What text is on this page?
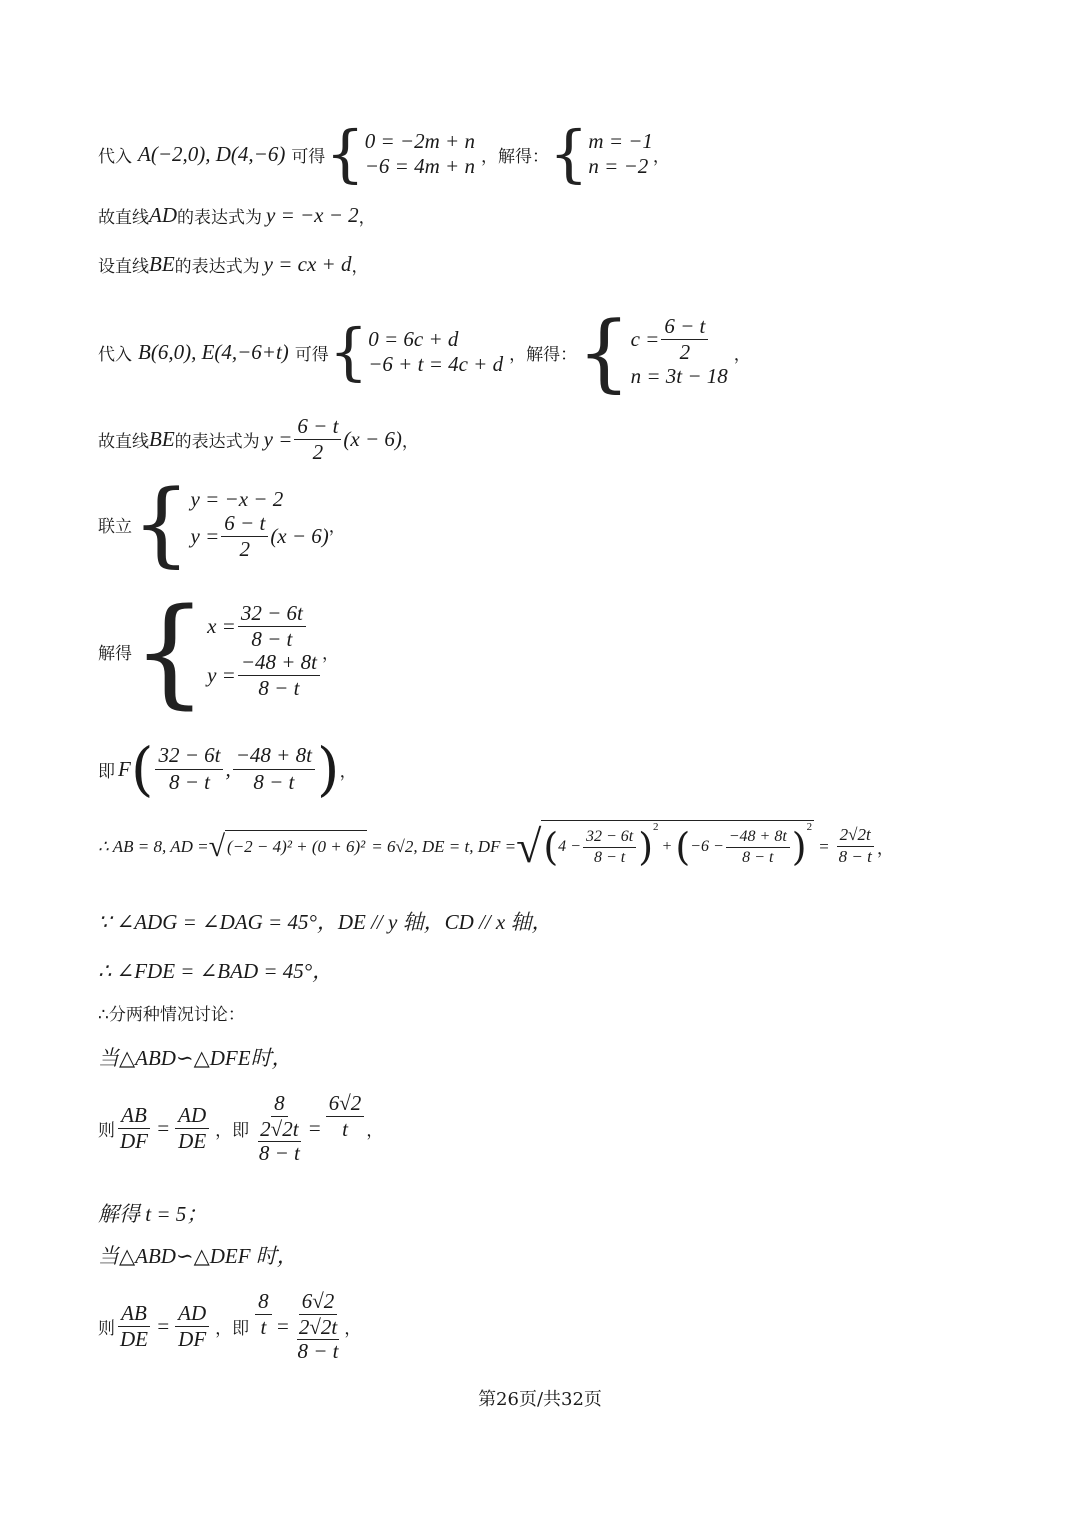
代入 A(−2,0), D(4,−6) 可得 { 0 = −2m + n
−6 = 4m + n ，解得： { m = −1
n = −2 ，
故直线 AD 的表达式为 y = −x − 2 ，
设直线 BE 的表达式为 y = cx + d ，
代入 B(6,0), E(4,−6+t) 可得 { 0 = 6c + d
−6 + t = 4c + d ，解得： { $c = \frac{6 - t}{2}$
n = 3t − 18
，
故直线 BE 的表达式为 $y = \frac{6 - t}{2} (x - 6)$ ，
联立 { y = −x − 2
$y = \frac{6 - t}{2} (x - 6)$ ，
解得 { $x = \frac{32 - 6t}{8 - t}$
$y = \frac{-48 + 8t}{8 - t}$ ，
即 F ( $\frac{32 - 6t}{8 - t}$ , $\frac{-48 + 8t}{8 - t}$ ) ，
∴ AB = 8, AD = √ (−2 − 4)² + (0 + 6)² = 6√2, DE = t, DF = √ ( $4 - \frac{32 - 6t}{8 - t} )^2$
+ ( $-6 - \frac{-48 + 8t}{8 - t} )^2$
= $\frac{2√2t}{8 - t}$ ，
∵ ∠ADG = ∠DAG = 45°，DE // y 轴，CD // x 轴，
∴ ∠FDE = ∠BAD = 45°，
∴分两种情况讨论：
当△ABD∽△DFE时，
则 $\frac{AB}{DF} = \frac{AD}{DE}$ ，即 8
2√2t
$8 - t = \frac{6√2}{t}$ ，
解得 t = 5；
当△ABD∽△DEF 时，
则 $\frac{AB}{DE} = \frac{AD}{DF}$ ，即 $\frac{8}{t} = 6√2$
2√2t
8 − t ，
第26页/共32页
